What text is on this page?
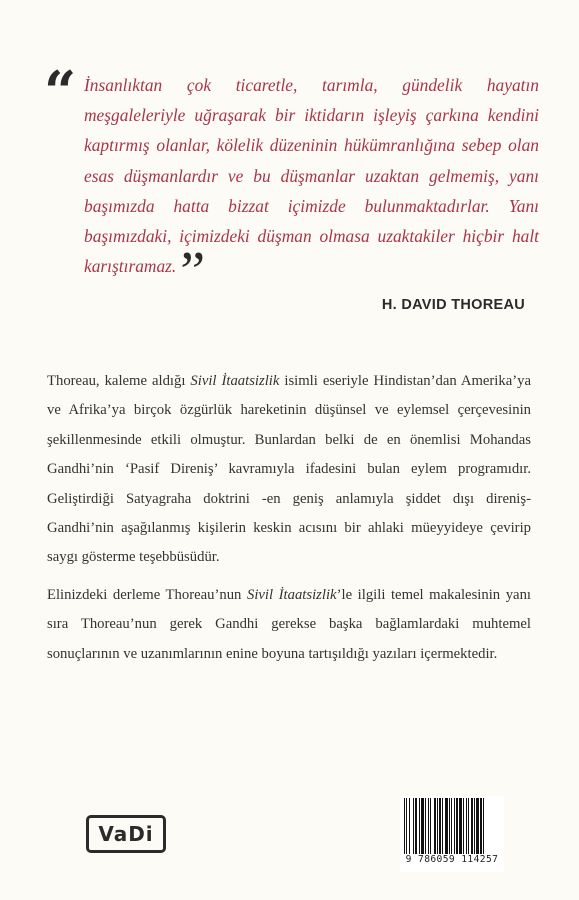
“ İnsanlıktan çok ticaretle, tarımla, gündelik hayatın meşgaleleriyle uğraşarak bir iktidarın işleyiş çarkına kendini kaptırmış olanlar, kölelik düzeninin hükümranlığına sebep olan esas düşmanlardır ve bu düşmanlar uzaktan gelmemiş, yanı başımızda hatta bizzat içimizde bulunmaktadırlar. Yanı başımızdaki, içimizdeki düşman olmasa uzaktakiler hiçbir halt karıştıramaz.”

H. DAVID THOREAU

Thoreau, kaleme aldığı Sivil İtaatsizlik isimli eseriyle Hindistan’dan Amerika’ya ve Afrika’ya birçok özgürlük hareketinin düşünsel ve eylemsel çerçevesinin şekillenmesinde etkili olmuştur. Bunlardan belki de en önemlisi Mohandas Gandhi’nin ‘Pasif Direniş’ kavramıyla ifadesini bulan eylem programıdır. Geliştirdiği Satyagraha doktrini -en geniş anlamıyla şiddet dışı direniş- Gandhi’nin aşağılanmış kişilerin keskin acısını bir ahlaki müeyyideye çevirip saygı gösterme teşebbüsüdür.

Elinizdeki derleme Thoreau’nun Sivil İtaatsizlik’le ilgili temel makalesinin yanı sıra Thoreau’nun gerek Gandhi gerekse başka bağlamlardaki muhtemel sonuçlarının ve uzanımlarının enine boyuna tartışıldığı yazıları içermektedir.

VaDi
9 786059 114257
